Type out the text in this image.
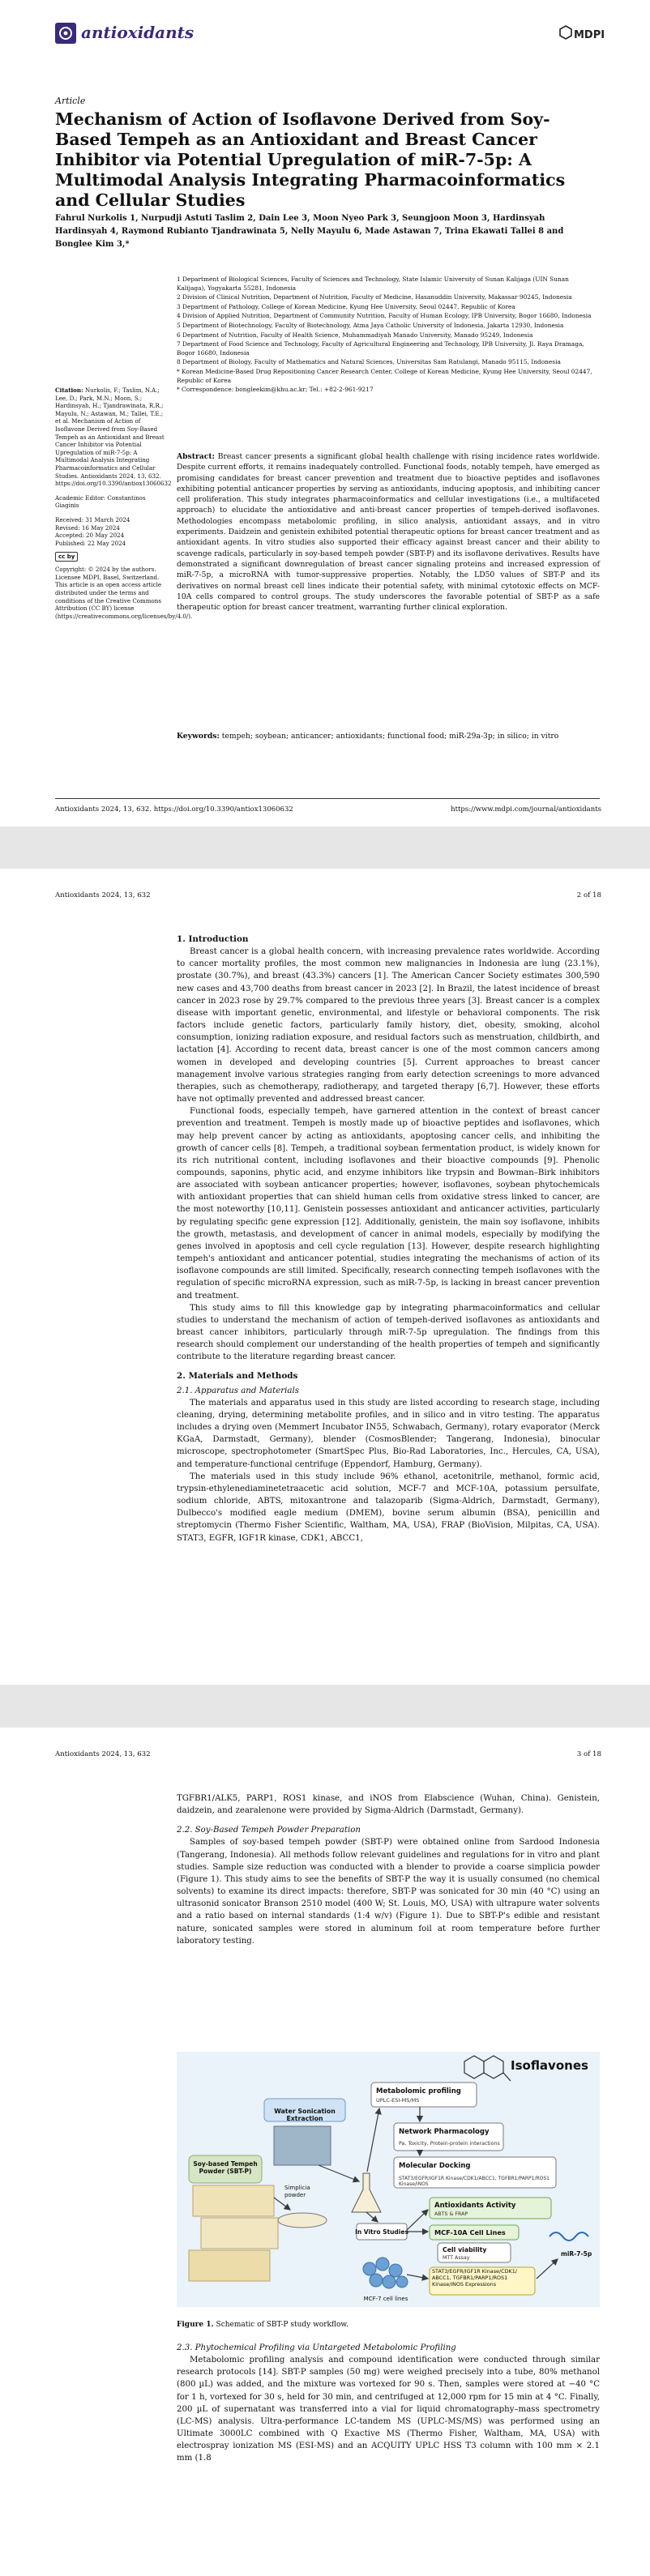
antioxidants	MDPI
Article
Mechanism of Action of Isoflavone Derived from Soy-Based Tempeh as an Antioxidant and Breast Cancer Inhibitor via Potential Upregulation of miR-7-5p: A Multimodal Analysis Integrating Pharmacoinformatics and Cellular Studies
Fahrul Nurkolis 1, Nurpudji Astuti Taslim 2, Dain Lee 3, Moon Nyeo Park 3, Seungjoon Moon 3, Hardinsyah Hardinsyah 4, Raymond Rubianto Tjandrawinata 5, Nelly Mayulu 6, Made Astawan 7, Trina Ekawati Tallei 8 and Bonglee Kim 3,*
1 Department of Biological Sciences, Faculty of Sciences and Technology, State Islamic University of Sunan Kalijaga (UIN Sunan Kalijaga), Yogyakarta 55281, Indonesia
2 Division of Clinical Nutrition, Department of Nutrition, Faculty of Medicine, Hasanuddin University, Makassar 90245, Indonesia
3 Department of Pathology, College of Korean Medicine, Kyung Hee University, Seoul 02447, Republic of Korea
4 Division of Applied Nutrition, Department of Community Nutrition, Faculty of Human Ecology, IPB University, Bogor 16680, Indonesia
5 Department of Biotechnology, Faculty of Biotechnology, Atma Jaya Catholic University of Indonesia, Jakarta 12930, Indonesia
6 Department of Nutrition, Faculty of Health Science, Muhammadiyah Manado University, Manado 95249, Indonesia
7 Department of Food Science and Technology, Faculty of Agricultural Engineering and Technology, IPB University, Jl. Raya Dramaga, Bogor 16680, Indonesia
8 Department of Biology, Faculty of Mathematics and Natural Sciences, Universitas Sam Ratulangi, Manado 95115, Indonesia
* Korean Medicine-Based Drug Repositioning Cancer Research Center, College of Korean Medicine, Kyung Hee University, Seoul 02447, Republic of Korea
* Correspondence: bongleekim@khu.ac.kr; Tel.: +82-2-961-9217

Citation: Nurkolis, F.; Taslim, N.A.; Lee, D.; Park, M.N.; Moon, S.; Hardinsyah, H.; Tjandrawinata, R.R.; Mayulu, N.; Astawan, M.; Tallei, T.E.; et al. Mechanism of Action of Isoflavone Derived from Soy-Based Tempeh as an Antioxidant and Breast Cancer Inhibitor via Potential Upregulation of miR-7-5p: A Multimodal Analysis Integrating Pharmacoinformatics and Cellular Studies. Antioxidants 2024, 13, 632. https://doi.org/10.3390/antiox13060632

Academic Editor: Constantinos Giaginis

Received: 31 March 2024
Revised: 16 May 2024
Accepted: 20 May 2024
Published: 22 May 2024

cc by

Copyright: © 2024 by the authors. Licensee MDPI, Basel, Switzerland. This article is an open access article distributed under the terms and conditions of the Creative Commons Attribution (CC BY) license (https://creativecommons.org/licenses/by/4.0/).

Abstract: Breast cancer presents a significant global health challenge with rising incidence rates worldwide. Despite current efforts, it remains inadequately controlled. Functional foods, notably tempeh, have emerged as promising candidates for breast cancer prevention and treatment due to bioactive peptides and isoflavones exhibiting potential anticancer properties by serving as antioxidants, inducing apoptosis, and inhibiting cancer cell proliferation. This study integrates pharmacoinformatics and cellular investigations (i.e., a multifaceted approach) to elucidate the antioxidative and anti-breast cancer properties of tempeh-derived isoflavones. Methodologies encompass metabolomic profiling, in silico analysis, antioxidant assays, and in vitro experiments. Daidzein and genistein exhibited potential therapeutic options for breast cancer treatment and as antioxidant agents. In vitro studies also supported their efficacy against breast cancer and their ability to scavenge radicals, particularly in soy-based tempeh powder (SBT-P) and its isoflavone derivatives. Results have demonstrated a significant downregulation of breast cancer signaling proteins and increased expression of miR-7-5p, a microRNA with tumor-suppressive properties. Notably, the LD50 values of SBT-P and its derivatives on normal breast cell lines indicate their potential safety, with minimal cytotoxic effects on MCF-10A cells compared to control groups. The study underscores the favorable potential of SBT-P as a safe therapeutic option for breast cancer treatment, warranting further clinical exploration.
Keywords: tempeh; soybean; anticancer; antioxidants; functional food; miR-29a-3p; in silico; in vitro
Antioxidants 2024, 13, 632. https://doi.org/10.3390/antiox13060632	https://www.mdpi.com/journal/antioxidants
Antioxidants 2024, 13, 632	2 of 18
1. Introduction

Breast cancer is a global health concern, with increasing prevalence rates worldwide. According to cancer mortality profiles, the most common new malignancies in Indonesia are lung (23.1%), prostate (30.7%), and breast (43.3%) cancers [1]. The American Cancer Society estimates 300,590 new cases and 43,700 deaths from breast cancer in 2023 [2]. In Brazil, the latest incidence of breast cancer in 2023 rose by 29.7% compared to the previous three years [3]. Breast cancer is a complex disease with important genetic, environmental, and lifestyle or behavioral components. The risk factors include genetic factors, particularly family history, diet, obesity, smoking, alcohol consumption, ionizing radiation exposure, and residual factors such as menstruation, childbirth, and lactation [4]. According to recent data, breast cancer is one of the most common cancers among women in developed and developing countries [5]. Current approaches to breast cancer management involve various strategies ranging from early detection screenings to more advanced therapies, such as chemotherapy, radiotherapy, and targeted therapy [6,7]. However, these efforts have not optimally prevented and addressed breast cancer.

Functional foods, especially tempeh, have garnered attention in the context of breast cancer prevention and treatment. Tempeh is mostly made up of bioactive peptides and isoflavones, which may help prevent cancer by acting as antioxidants, apoptosing cancer cells, and inhibiting the growth of cancer cells [8]. Tempeh, a traditional soybean fermentation product, is widely known for its rich nutritional content, including isoflavones and their bioactive compounds [9]. Phenolic compounds, saponins, phytic acid, and enzyme inhibitors like trypsin and Bowman–Birk inhibitors are associated with soybean anticancer properties; however, isoflavones, soybean phytochemicals with antioxidant properties that can shield human cells from oxidative stress linked to cancer, are the most noteworthy [10,11]. Genistein possesses antioxidant and anticancer activities, particularly by regulating specific gene expression [12]. Additionally, genistein, the main soy isoflavone, inhibits the growth, metastasis, and development of cancer in animal models, especially by modifying the genes involved in apoptosis and cell cycle regulation [13]. However, despite research highlighting tempeh's antioxidant and anticancer potential, studies integrating the mechanisms of action of its isoflavone compounds are still limited. Specifically, research connecting tempeh isoflavones with the regulation of specific microRNA expression, such as miR-7-5p, is lacking in breast cancer prevention and treatment.

This study aims to fill this knowledge gap by integrating pharmacoinformatics and cellular studies to understand the mechanism of action of tempeh-derived isoflavones as antioxidants and breast cancer inhibitors, particularly through miR-7-5p upregulation. The findings from this research should complement our understanding of the health properties of tempeh and significantly contribute to the literature regarding breast cancer.

2. Materials and Methods
2.1. Apparatus and Materials

The materials and apparatus used in this study are listed according to research stage, including cleaning, drying, determining metabolite profiles, and in silico and in vitro testing. The apparatus includes a drying oven (Memmert Incubator IN55, Schwabach, Germany), rotary evaporator (Merck KGaA, Darmstadt, Germany), blender (CosmosBlender; Tangerang, Indonesia), binocular microscope, spectrophotometer (SmartSpec Plus, Bio-Rad Laboratories, Inc., Hercules, CA, USA), and temperature-functional centrifuge (Eppendorf, Hamburg, Germany).

The materials used in this study include 96% ethanol, acetonitrile, methanol, formic acid, trypsin-ethylenediaminetetraacetic acid solution, MCF-7 and MCF-10A, potassium persulfate, sodium chloride, ABTS, mitoxantrone and talazoparib (Sigma-Aldrich, Darmstadt, Germany), Dulbecco's modified eagle medium (DMEM), bovine serum albumin (BSA), penicillin and streptomycin (Thermo Fisher Scientific, Waltham, MA, USA), FRAP (BioVision, Milpitas, CA, USA). STAT3, EGFR, IGF1R kinase, CDK1, ABCC1,

Antioxidants 2024, 13, 632	3 of 18
TGFBR1/ALK5, PARP1, ROS1 kinase, and iNOS from Elabscience (Wuhan, China). Genistein, daidzein, and zearalenone were provided by Sigma-Aldrich (Darmstadt, Germany).
2.2. Soy-Based Tempeh Powder Preparation

Samples of soy-based tempeh powder (SBT-P) were obtained online from Sardood Indonesia (Tangerang, Indonesia). All methods follow relevant guidelines and regulations for in vitro and plant studies. Sample size reduction was conducted with a blender to provide a coarse simplicia powder (Figure 1). This study aims to see the benefits of SBT-P the way it is usually consumed (no chemical solvents) to examine its direct impacts: therefore, SBT-P was sonicated for 30 min (40 °C) using an ultrasonid sonicator Branson 2510 model (400 W; St. Louis, MO, USA) with ultrapure water solvents and a ratio based on internal standards (1:4 w/v) (Figure 1). Due to SBT-P's edible and resistant nature, sonicated samples were stored in aluminum foil at room temperature before further laboratory testing.

Isoflavones
Soy-based Tempeh Powder (SBT-P)
Simplicia powder
Water Sonication Extraction
Metabolomic profiling
UPLC-ESI-MS/MS
Network Pharmacology
Pa, Toxicity, Protein-protein interactions
Molecular Docking
STAT3/EGFR/IGF1R Kinase/CDK1/ABCC1, TGFBR1/PARP1/ROS1 Kinase/iNOS
In Vitro Studies
Antioxidants Activity
ABTS & FRAP
MCF-10A Cell Lines
Cell viability
MTT Assay
STAT3/EGFR/IGF1R Kinase/CDK1/ ABCC1, TGFBR1/PARP1/ROS1 Kinase/iNOS Expressions
MCF-7 cell lines
miR-7-5p
Figure 1. Schematic of SBT-P study workflow.
2.3. Phytochemical Profiling via Untargeted Metabolomic Profiling

Metabolomic profiling analysis and compound identification were conducted through similar research protocols [14]. SBT-P samples (50 mg) were weighed precisely into a tube, 80% methanol (800 µL) was added, and the mixture was vortexed for 90 s. Then, samples were stored at −40 °C for 1 h, vortexed for 30 s, held for 30 min, and centrifuged at 12,000 rpm for 15 min at 4 °C. Finally, 200 µL of supernatant was transferred into a vial for liquid chromatography–mass spectrometry (LC-MS) analysis. Ultra-performance LC-tandem MS (UPLC-MS/MS) was performed using an Ultimate 3000LC combined with Q Exactive MS (Thermo Fisher, Waltham, MA, USA) with electrospray ionization MS (ESI-MS) and an ACQUITY UPLC HSS T3 column with 100 mm × 2.1 mm (1.8
